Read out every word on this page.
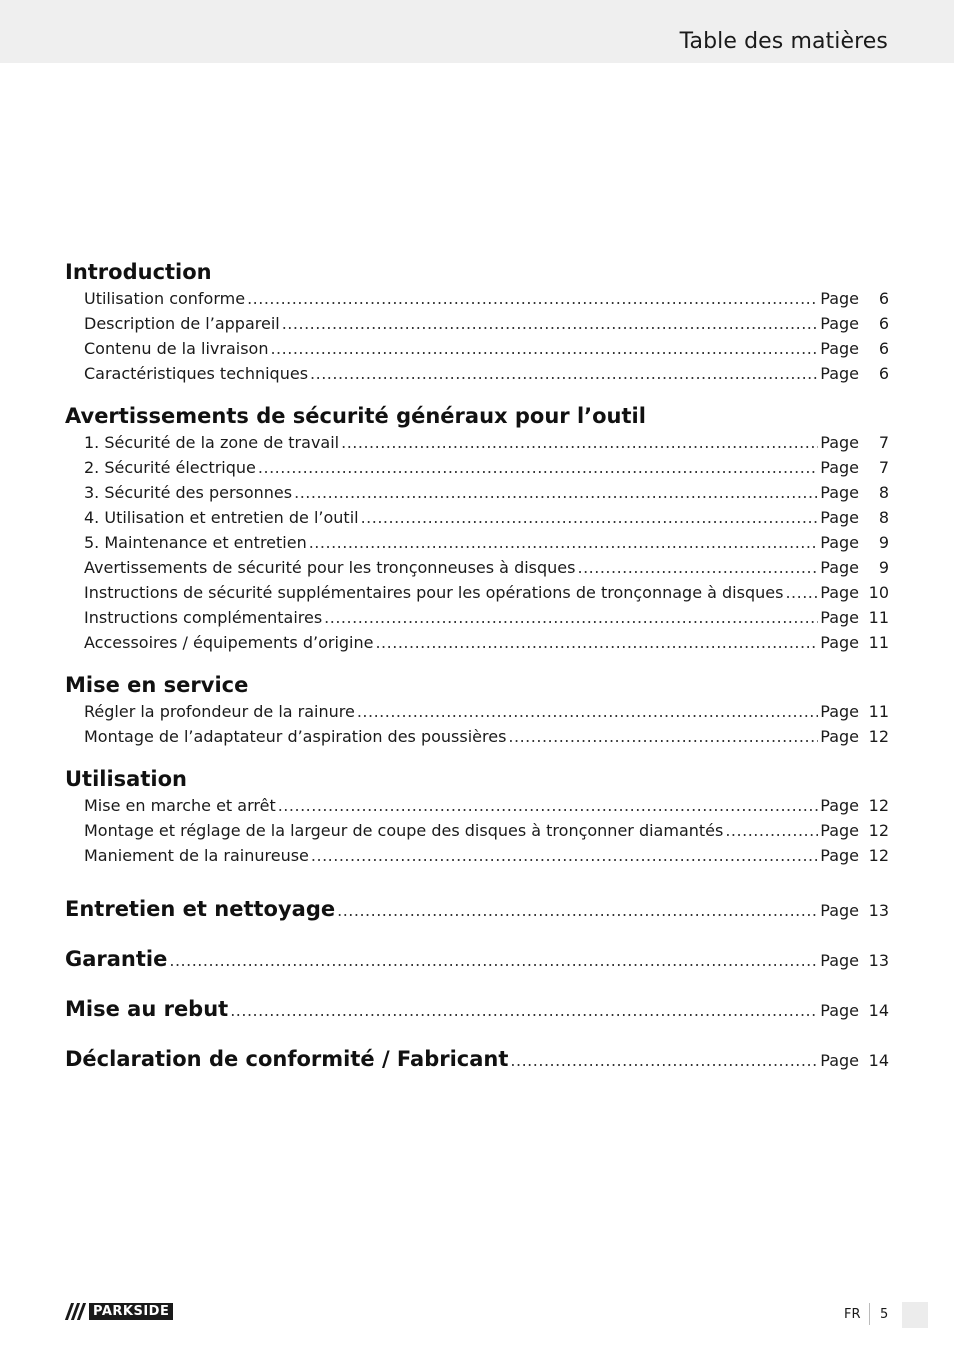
Table des matières
Introduction
Utilisation conforme .....	Page	6
Description de l’appareil .....	Page	6
Contenu de la livraison .....	Page	6
Caractéristiques techniques .....	Page	6
Avertissements de sécurité généraux pour l’outil
1. Sécurité de la zone de travail .....	Page	7
2. Sécurité électrique .....	Page	7
3. Sécurité des personnes .....	Page	8
4. Utilisation et entretien de l’outil .....	Page	8
5. Maintenance et entretien .....	Page	9
Avertissements de sécurité pour les tronçonneuses à disques .....	Page	9
Instructions de sécurité supplémentaires pour les opérations de tronçonnage à disques ..... Page 10
Instructions complémentaires .....	Page 11
Accessoires / équipements d’origine .....	Page 11
Mise en service
Régler la profondeur de la rainure .....	Page 11
Montage de l’adaptateur d’aspiration des poussières .....	Page 12
Utilisation
Mise en marche et arrêt .....	Page 12
Montage et réglage de la largeur de coupe des disques à tronçonner diamantés .....	Page 12
Maniement de la rainureuse .....	Page 12
Entretien et nettoyage .....	Page 13
Garantie .....	Page 13
Mise au rebut .....	Page 14
Déclaration de conformité / Fabricant .....	Page 14
PARKSIDE	FR 5
